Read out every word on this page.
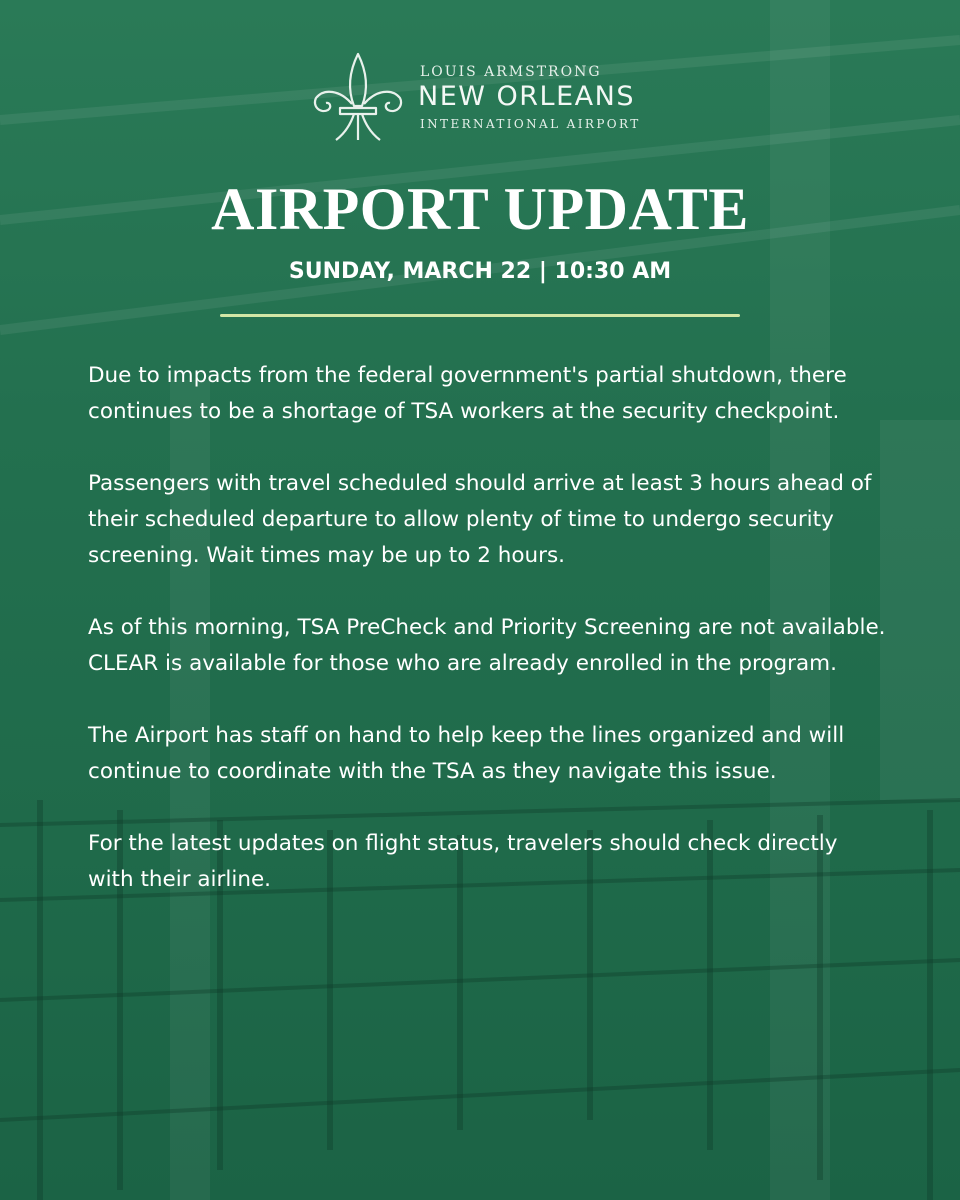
LOUIS ARMSTRONG
NEW ORLEANS
INTERNATIONAL AIRPORT
AIRPORT UPDATE
SUNDAY, MARCH 22 | 10:30 AM

Due to impacts from the federal government's partial shutdown, there continues to be a shortage of TSA workers at the security checkpoint.

Passengers with travel scheduled should arrive at least 3 hours ahead of their scheduled departure to allow plenty of time to undergo security screening. Wait times may be up to 2 hours.

As of this morning, TSA PreCheck and Priority Screening are not available. CLEAR is available for those who are already enrolled in the program.

The Airport has staff on hand to help keep the lines organized and will continue to coordinate with the TSA as they navigate this issue.

For the latest updates on flight status, travelers should check directly with their airline.
